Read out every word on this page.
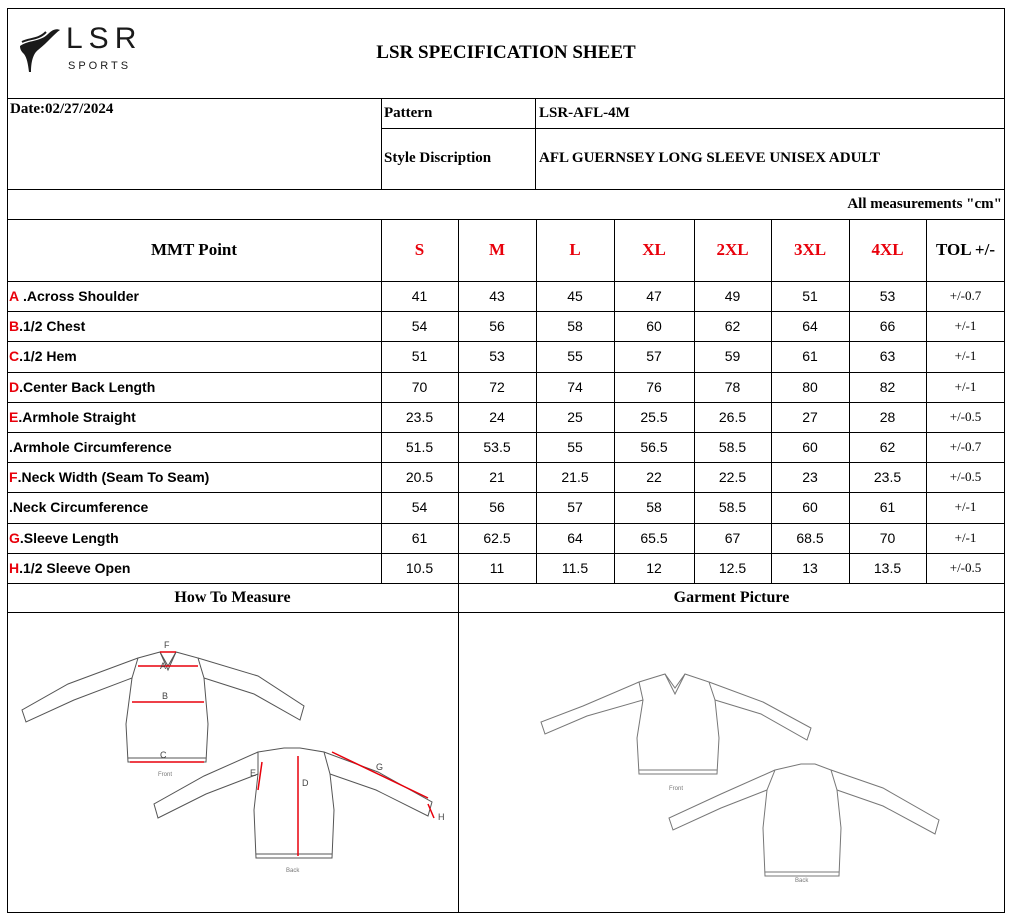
LSR
SPORTS
LSR SPECIFICATION SHEET
Date:02/27/2024	Pattern	LSR-AFL-4M
Style Discription	AFL GUERNSEY LONG SLEEVE UNISEX ADULT
All measurements "cm"
MMT Point	S	M	L	XL	2XL	3XL	4XL	TOL +/-
A .Across Shoulder	41	43	45	47	49	51	53	+/-0.7
B .1/2 Chest	54	56	58	60	62	64	66	+/-1
C .1/2 Hem	51	53	55	57	59	61	63	+/-1
D .Center Back Length	70	72	74	76	78	80	82	+/-1
E .Armhole Straight	23.5	24	25	25.5	26.5	27	28	+/-0.5
.Armhole Circumference	51.5	53.5	55	56.5	58.5	60	62	+/-0.7
F .Neck Width (Seam To Seam)	20.5	21	21.5	22	22.5	23	23.5	+/-0.5
.Neck Circumference	54	56	57	58	58.5	60	61	+/-1
G .Sleeve Length	61	62.5	64	65.5	67	68.5	70	+/-1
H .1/2 Sleeve Open	10.5	11	11.5	12	12.5	13	13.5	+/-0.5
How To Measure	Garment Picture
F
A
B
C
D
E
G
H
Front
Back
Front
Back
